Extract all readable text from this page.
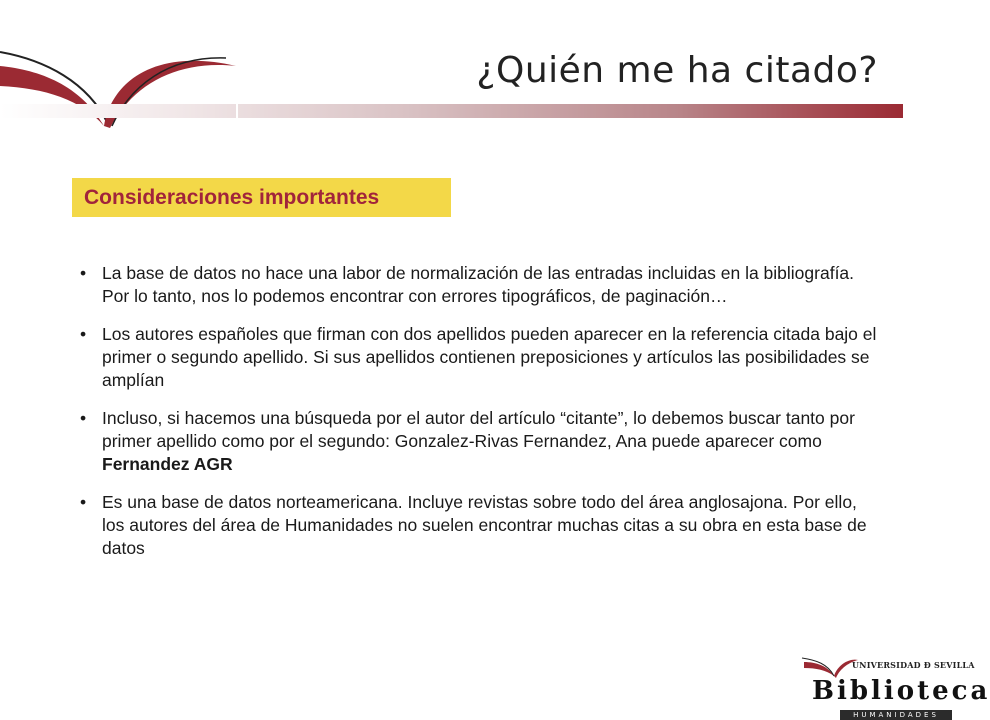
¿Quién me ha citado?
Consideraciones importantes
• La base de datos no hace una labor de normalización de las entradas incluidas en la bibliografía. Por lo tanto, nos lo podemos encontrar con errores tipográficos, de paginación…
• Los autores españoles que firman con dos apellidos pueden aparecer en la referencia citada bajo el primer o segundo apellido. Si sus apellidos contienen preposiciones y artículos las posibilidades se amplían
• Incluso, si hacemos una búsqueda por el autor del artículo “citante”, lo debemos buscar tanto por primer apellido como por el segundo: Gonzalez-Rivas Fernandez, Ana puede aparecer como Fernandez AGR
• Es una base de datos norteamericana. Incluye revistas sobre todo del área anglosajona. Por ello, los autores del área de Humanidades no suelen encontrar muchas citas a su obra en esta base de datos
UNIVERSIDAD Ð SEVILLA
Biblioteca
HUMANIDADES
